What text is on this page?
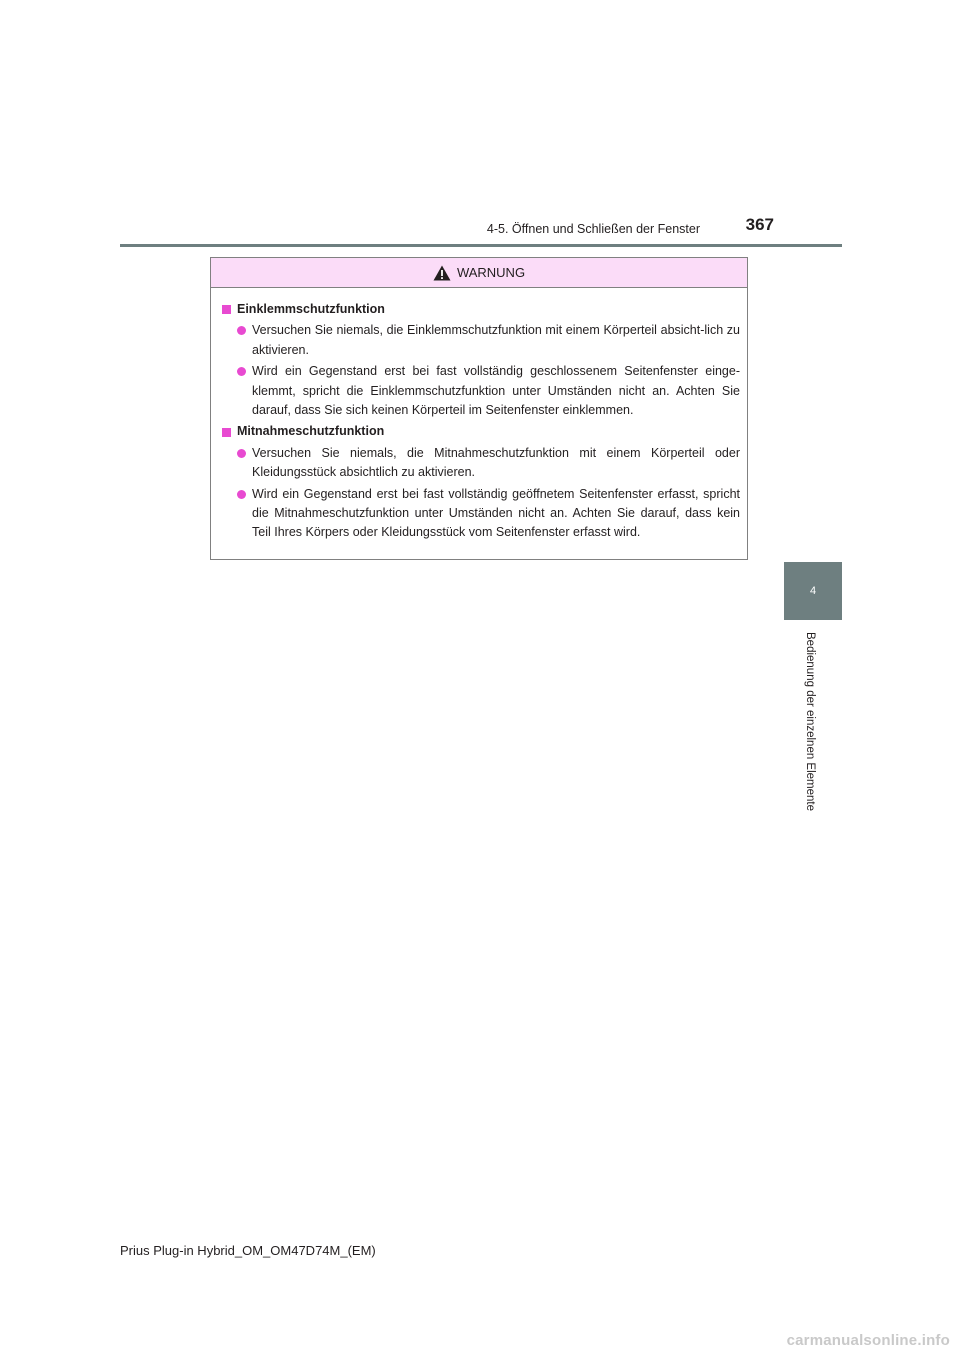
4-5. Öffnen und Schließen der Fenster	367
4
Bedienung der einzelnen Elemente
WARNUNG
Einklemmschutzfunktion
Versuchen Sie niemals, die Einklemmschutzfunktion mit einem Körperteil absicht-lich zu aktivieren.
Wird ein Gegenstand erst bei fast vollständig geschlossenem Seitenfenster einge-klemmt, spricht die Einklemmschutzfunktion unter Umständen nicht an. Achten Sie darauf, dass Sie sich keinen Körperteil im Seitenfenster einklemmen.
Mitnahmeschutzfunktion
Versuchen Sie niemals, die Mitnahmeschutzfunktion mit einem Körperteil oder Kleidungsstück absichtlich zu aktivieren.
Wird ein Gegenstand erst bei fast vollständig geöffnetem Seitenfenster erfasst, spricht die Mitnahmeschutzfunktion unter Umständen nicht an. Achten Sie darauf, dass kein Teil Ihres Körpers oder Kleidungsstück vom Seitenfenster erfasst wird.
Prius Plug-in Hybrid_OM_OM47D74M_(EM)
carmanualsonline.info
